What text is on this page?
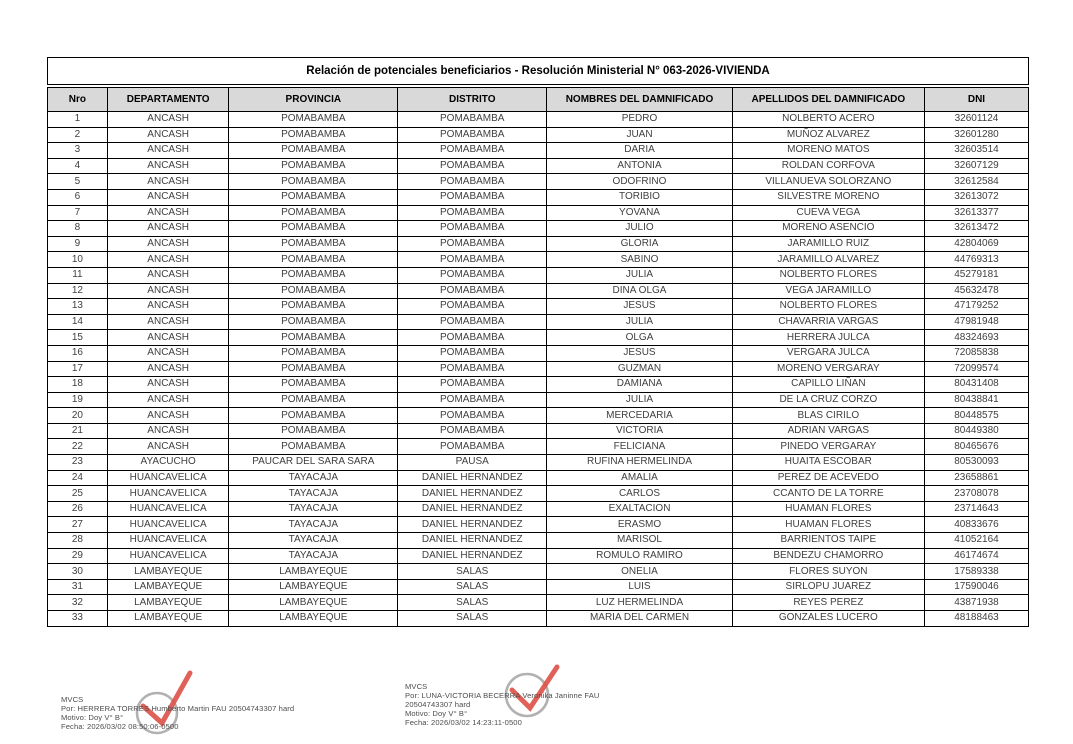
Relación de potenciales beneficiarios - Resolución Ministerial N° 063-2026-VIVIENDA
Nro	DEPARTAMENTO	PROVINCIA	DISTRITO	NOMBRES DEL DAMNIFICADO	APELLIDOS DEL DAMNIFICADO	DNI
1	ANCASH	POMABAMBA	POMABAMBA	PEDRO	NOLBERTO ACERO	32601124
2	ANCASH	POMABAMBA	POMABAMBA	JUAN	MUÑOZ ALVAREZ	32601280
3	ANCASH	POMABAMBA	POMABAMBA	DARIA	MORENO MATOS	32603514
4	ANCASH	POMABAMBA	POMABAMBA	ANTONIA	ROLDAN CORFOVA	32607129
5	ANCASH	POMABAMBA	POMABAMBA	ODOFRINO	VILLANUEVA SOLORZANO	32612584
6	ANCASH	POMABAMBA	POMABAMBA	TORIBIO	SILVESTRE MORENO	32613072
7	ANCASH	POMABAMBA	POMABAMBA	YOVANA	CUEVA VEGA	32613377
8	ANCASH	POMABAMBA	POMABAMBA	JULIO	MORENO ASENCIO	32613472
9	ANCASH	POMABAMBA	POMABAMBA	GLORIA	JARAMILLO RUIZ	42804069
10	ANCASH	POMABAMBA	POMABAMBA	SABINO	JARAMILLO ALVAREZ	44769313
11	ANCASH	POMABAMBA	POMABAMBA	JULIA	NOLBERTO FLORES	45279181
12	ANCASH	POMABAMBA	POMABAMBA	DINA OLGA	VEGA JARAMILLO	45632478
13	ANCASH	POMABAMBA	POMABAMBA	JESUS	NOLBERTO FLORES	47179252
14	ANCASH	POMABAMBA	POMABAMBA	JULIA	CHAVARRIA VARGAS	47981948
15	ANCASH	POMABAMBA	POMABAMBA	OLGA	HERRERA JULCA	48324693
16	ANCASH	POMABAMBA	POMABAMBA	JESUS	VERGARA JULCA	72085838
17	ANCASH	POMABAMBA	POMABAMBA	GUZMAN	MORENO VERGARAY	72099574
18	ANCASH	POMABAMBA	POMABAMBA	DAMIANA	CAPILLO LIÑAN	80431408
19	ANCASH	POMABAMBA	POMABAMBA	JULIA	DE LA CRUZ CORZO	80438841
20	ANCASH	POMABAMBA	POMABAMBA	MERCEDARIA	BLAS CIRILO	80448575
21	ANCASH	POMABAMBA	POMABAMBA	VICTORIA	ADRIAN VARGAS	80449380
22	ANCASH	POMABAMBA	POMABAMBA	FELICIANA	PINEDO VERGARAY	80465676
23	AYACUCHO	PAUCAR DEL SARA SARA	PAUSA	RUFINA HERMELINDA	HUAITA ESCOBAR	80530093
24	HUANCAVELICA	TAYACAJA	DANIEL HERNANDEZ	AMALIA	PEREZ DE ACEVEDO	23658861
25	HUANCAVELICA	TAYACAJA	DANIEL HERNANDEZ	CARLOS	CCANTO DE LA TORRE	23708078
26	HUANCAVELICA	TAYACAJA	DANIEL HERNANDEZ	EXALTACION	HUAMAN FLORES	23714643
27	HUANCAVELICA	TAYACAJA	DANIEL HERNANDEZ	ERASMO	HUAMAN FLORES	40833676
28	HUANCAVELICA	TAYACAJA	DANIEL HERNANDEZ	MARISOL	BARRIENTOS TAIPE	41052164
29	HUANCAVELICA	TAYACAJA	DANIEL HERNANDEZ	ROMULO RAMIRO	BENDEZU CHAMORRO	46174674
30	LAMBAYEQUE	LAMBAYEQUE	SALAS	ONELIA	FLORES SUYON	17589338
31	LAMBAYEQUE	LAMBAYEQUE	SALAS	LUIS	SIRLOPU JUAREZ	17590046
32	LAMBAYEQUE	LAMBAYEQUE	SALAS	LUZ HERMELINDA	REYES PEREZ	43871938
33	LAMBAYEQUE	LAMBAYEQUE	SALAS	MARIA DEL CARMEN	GONZALES LUCERO	48188463
MVCS
Por: HERRERA TORRES Humberto Martin FAU 20504743307 hard
Motivo: Doy V° B°
Fecha: 2026/03/02 08:50:06-0500
MVCS
Por: LUNA-VICTORIA BECERRA Veronika Janinne FAU
20504743307 hard
Motivo: Doy V° B°
Fecha: 2026/03/02 14:23:11-0500
